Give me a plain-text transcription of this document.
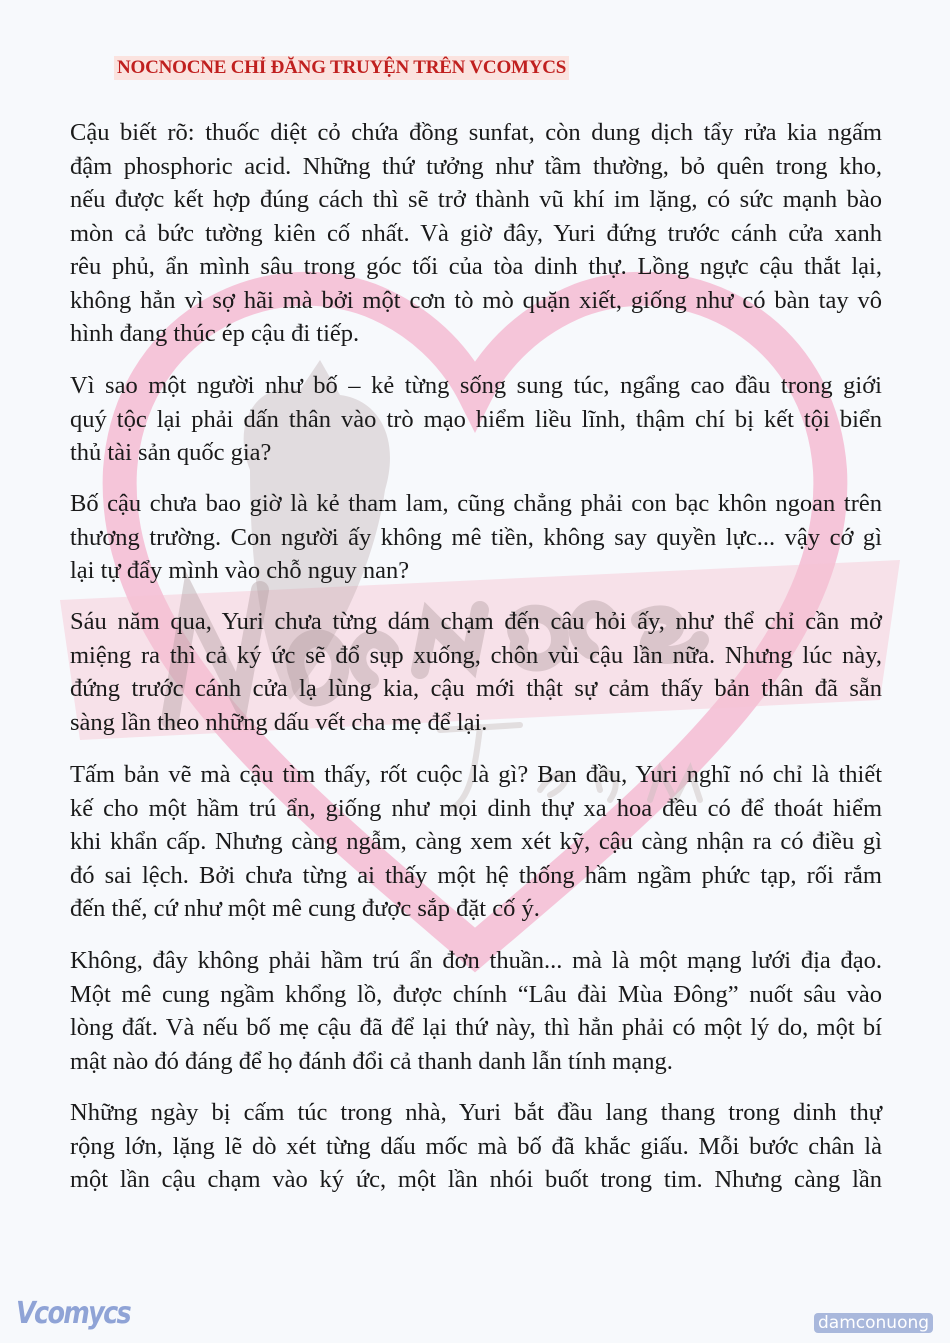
NOCNOCNE CHỈ ĐĂNG TRUYỆN TRÊN VCOMYCS
Cậu biết rõ: thuốc diệt cỏ chứa đồng sunfat, còn dung dịch tẩy rửa kia ngấm
đậm phosphoric acid. Những thứ tưởng như tầm thường, bỏ quên trong kho,
nếu được kết hợp đúng cách thì sẽ trở thành vũ khí im lặng, có sức mạnh bào
mòn cả bức tường kiên cố nhất. Và giờ đây, Yuri đứng trước cánh cửa xanh
rêu phủ, ẩn mình sâu trong góc tối của tòa dinh thự. Lồng ngực cậu thắt lại,
không hẳn vì sợ hãi mà bởi một cơn tò mò quặn xiết, giống như có bàn tay vô
hình đang thúc ép cậu đi tiếp.
Vì sao một người như bố – kẻ từng sống sung túc, ngẩng cao đầu trong giới
quý tộc lại phải dấn thân vào trò mạo hiểm liều lĩnh, thậm chí bị kết tội biển
thủ tài sản quốc gia?
Bố cậu chưa bao giờ là kẻ tham lam, cũng chẳng phải con bạc khôn ngoan trên
thương trường. Con người ấy không mê tiền, không say quyền lực... vậy cớ gì
lại tự đẩy mình vào chỗ nguy nan?
Sáu năm qua, Yuri chưa từng dám chạm đến câu hỏi ấy, như thể chỉ cần mở
miệng ra thì cả ký ức sẽ đổ sụp xuống, chôn vùi cậu lần nữa. Nhưng lúc này,
đứng trước cánh cửa lạ lùng kia, cậu mới thật sự cảm thấy bản thân đã sẵn
sàng lần theo những dấu vết cha mẹ để lại.
Tấm bản vẽ mà cậu tìm thấy, rốt cuộc là gì? Ban đầu, Yuri nghĩ nó chỉ là thiết
kế cho một hầm trú ẩn, giống như mọi dinh thự xa hoa đều có để thoát hiểm
khi khẩn cấp. Nhưng càng ngẫm, càng xem xét kỹ, cậu càng nhận ra có điều gì
đó sai lệch. Bởi chưa từng ai thấy một hệ thống hầm ngầm phức tạp, rối rắm
đến thế, cứ như một mê cung được sắp đặt cố ý.
Không, đây không phải hầm trú ẩn đơn thuần... mà là một mạng lưới địa đạo.
Một mê cung ngầm khổng lồ, được chính “Lâu đài Mùa Đông” nuốt sâu vào
lòng đất. Và nếu bố mẹ cậu đã để lại thứ này, thì hẳn phải có một lý do, một bí
mật nào đó đáng để họ đánh đổi cả thanh danh lẫn tính mạng.
Những ngày bị cấm túc trong nhà, Yuri bắt đầu lang thang trong dinh thự
rộng lớn, lặng lẽ dò xét từng dấu mốc mà bố đã khắc giấu. Mỗi bước chân là
một lần cậu chạm vào ký ức, một lần nhói buốt trong tim. Nhưng càng lần
Vcomycs	damconuong
